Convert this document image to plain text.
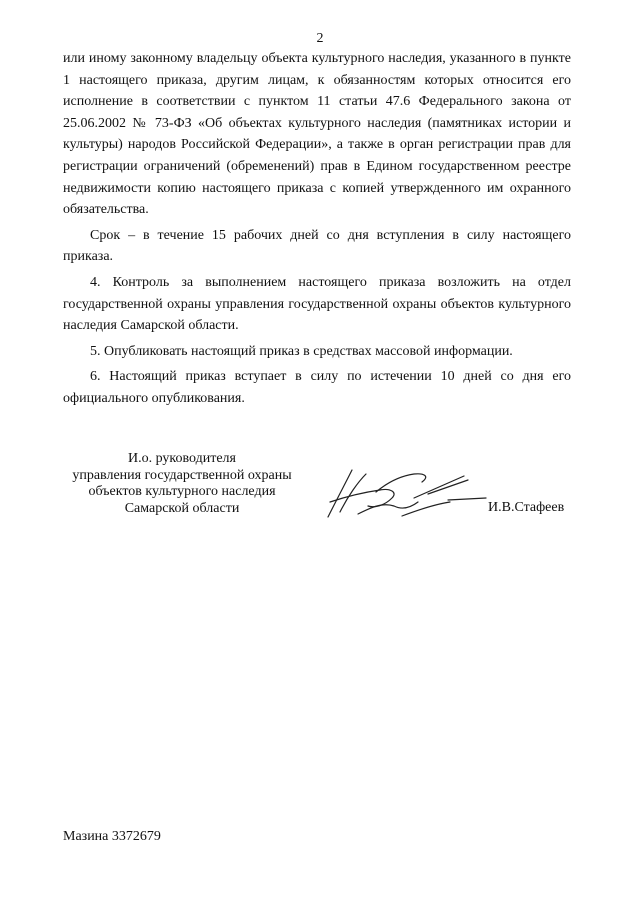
2

или иному законному владельцу объекта культурного наследия, указанного в пункте 1 настоящего приказа, другим лицам, к обязанностям которых относится его исполнение в соответствии с пунктом 11 статьи 47.6 Федерального закона от 25.06.2002 № 73-ФЗ «Об объектах культурного наследия (памятниках истории и культуры) народов Российской Федерации», а также в орган регистрации прав для регистрации ограничений (обременений) прав в Едином государственном реестре недвижимости копию настоящего приказа с копией утвержденного им охранного обязательства.

Срок – в течение 15 рабочих дней со дня вступления в силу настоящего приказа.

4. Контроль за выполнением настоящего приказа возложить на отдел государственной охраны управления государственной охраны объектов культурного наследия Самарской области.

5. Опубликовать настоящий приказ в средствах массовой информации.

6. Настоящий приказ вступает в силу по истечении 10 дней со дня его официального опубликования.

И.о. руководителя
управления государственной охраны
объектов культурного наследия
Самарской области	И.В.Стафеев
Мазина 3372679
